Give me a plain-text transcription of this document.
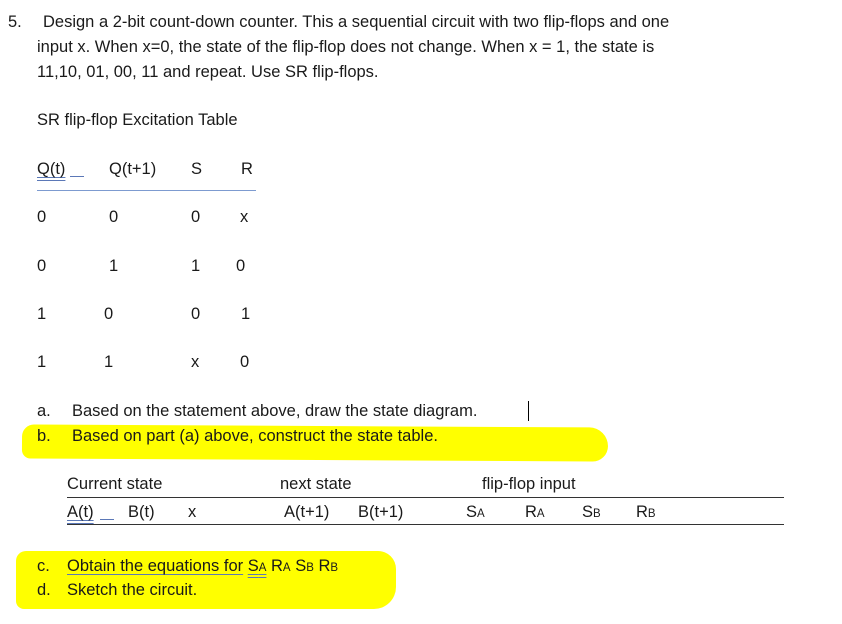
5. Design a 2-bit count-down counter. This a sequential circuit with two flip-flops and one
input x. When x=0, the state of the flip-flop does not change. When x = 1, the state is
11,10, 01, 00, 11 and repeat. Use SR flip-flops.
SR flip-flop Excitation Table
Q(t)	Q(t+1) S R
0	0	0 x
0	1	1 0
1	0	0 1
1	1	x 0
a. Based on the statement above, draw the state diagram.
b. Based on part (a) above, construct the state table.
Current state	next state	flip-flop input
A(t) B(t) x	A(t+1) B(t+1)	SA RA SB RB
c. Obtain the equations for SA RA SB RB
d. Sketch the circuit.
